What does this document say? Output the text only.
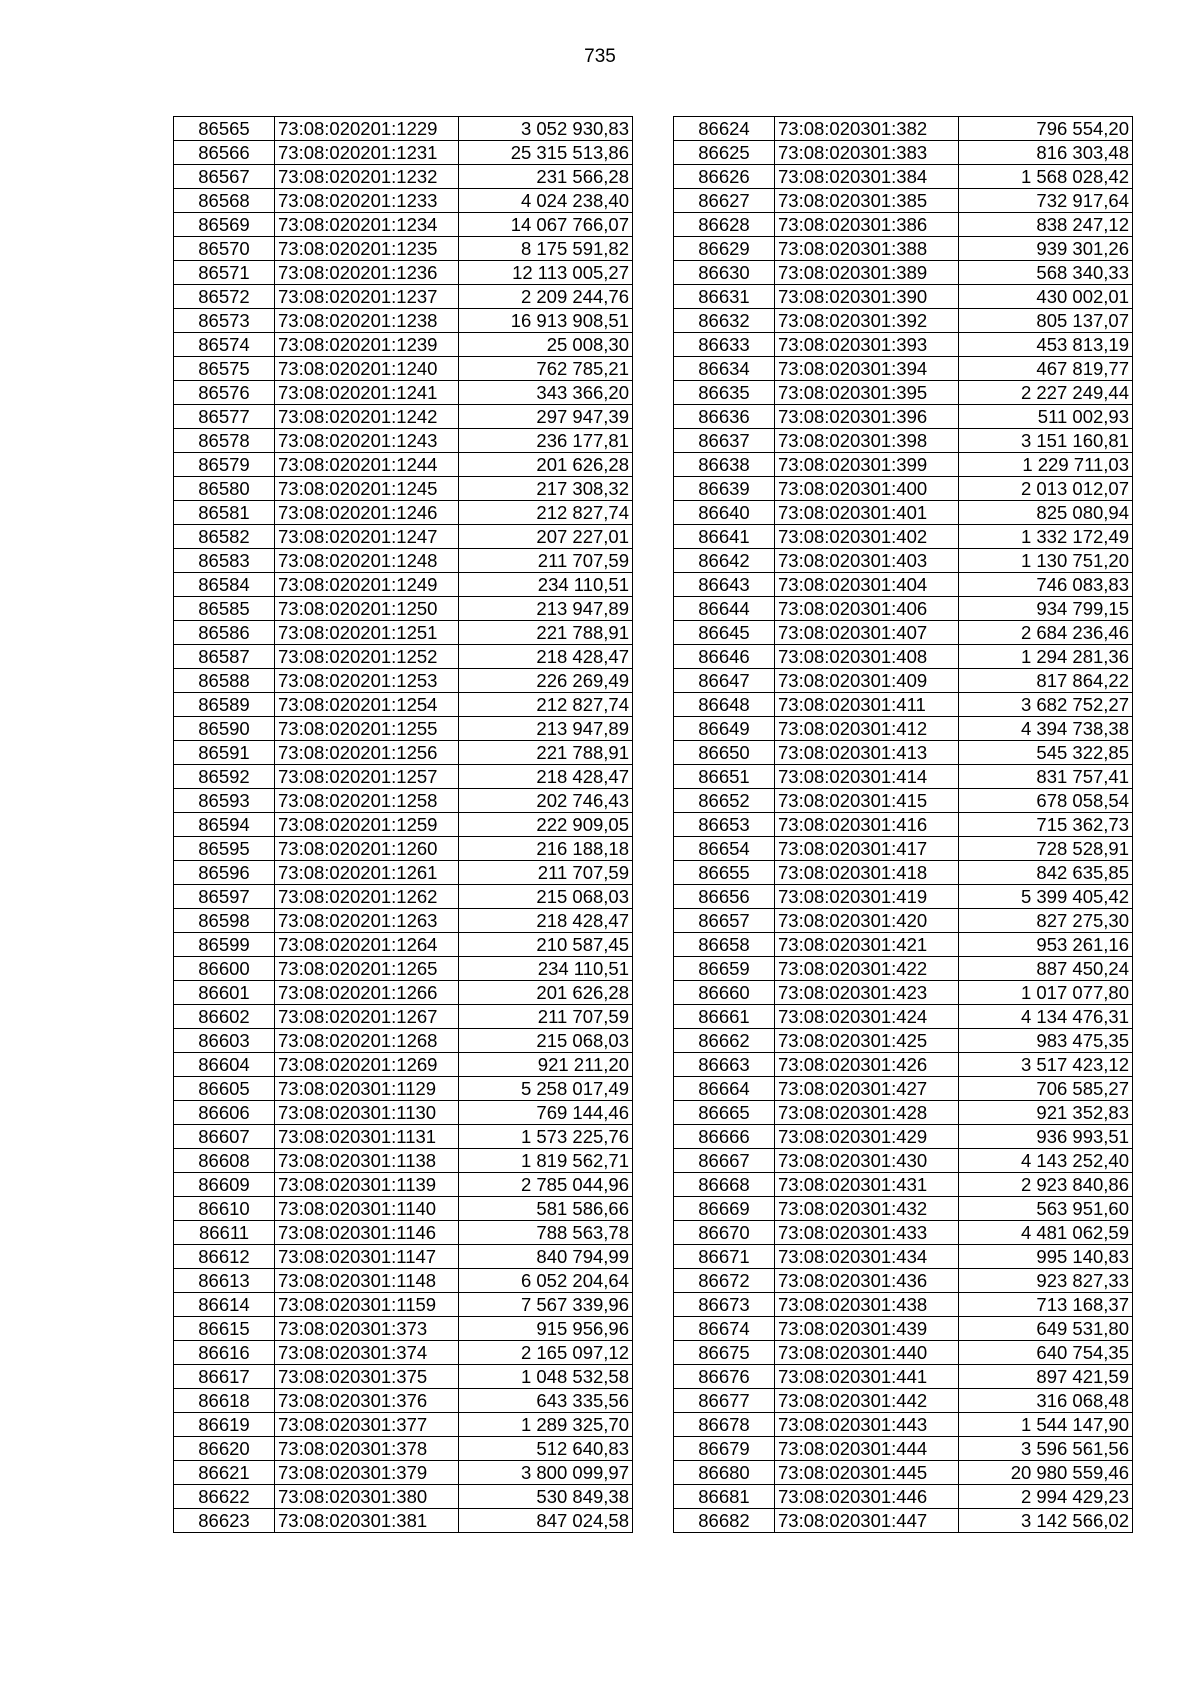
735
86565	73:08:020201:1229	3 052 930,83
86566	73:08:020201:1231	25 315 513,86
86567	73:08:020201:1232	231 566,28
86568	73:08:020201:1233	4 024 238,40
86569	73:08:020201:1234	14 067 766,07
86570	73:08:020201:1235	8 175 591,82
86571	73:08:020201:1236	12 113 005,27
86572	73:08:020201:1237	2 209 244,76
86573	73:08:020201:1238	16 913 908,51
86574	73:08:020201:1239	25 008,30
86575	73:08:020201:1240	762 785,21
86576	73:08:020201:1241	343 366,20
86577	73:08:020201:1242	297 947,39
86578	73:08:020201:1243	236 177,81
86579	73:08:020201:1244	201 626,28
86580	73:08:020201:1245	217 308,32
86581	73:08:020201:1246	212 827,74
86582	73:08:020201:1247	207 227,01
86583	73:08:020201:1248	211 707,59
86584	73:08:020201:1249	234 110,51
86585	73:08:020201:1250	213 947,89
86586	73:08:020201:1251	221 788,91
86587	73:08:020201:1252	218 428,47
86588	73:08:020201:1253	226 269,49
86589	73:08:020201:1254	212 827,74
86590	73:08:020201:1255	213 947,89
86591	73:08:020201:1256	221 788,91
86592	73:08:020201:1257	218 428,47
86593	73:08:020201:1258	202 746,43
86594	73:08:020201:1259	222 909,05
86595	73:08:020201:1260	216 188,18
86596	73:08:020201:1261	211 707,59
86597	73:08:020201:1262	215 068,03
86598	73:08:020201:1263	218 428,47
86599	73:08:020201:1264	210 587,45
86600	73:08:020201:1265	234 110,51
86601	73:08:020201:1266	201 626,28
86602	73:08:020201:1267	211 707,59
86603	73:08:020201:1268	215 068,03
86604	73:08:020201:1269	921 211,20
86605	73:08:020301:1129	5 258 017,49
86606	73:08:020301:1130	769 144,46
86607	73:08:020301:1131	1 573 225,76
86608	73:08:020301:1138	1 819 562,71
86609	73:08:020301:1139	2 785 044,96
86610	73:08:020301:1140	581 586,66
86611	73:08:020301:1146	788 563,78
86612	73:08:020301:1147	840 794,99
86613	73:08:020301:1148	6 052 204,64
86614	73:08:020301:1159	7 567 339,96
86615	73:08:020301:373	915 956,96
86616	73:08:020301:374	2 165 097,12
86617	73:08:020301:375	1 048 532,58
86618	73:08:020301:376	643 335,56
86619	73:08:020301:377	1 289 325,70
86620	73:08:020301:378	512 640,83
86621	73:08:020301:379	3 800 099,97
86622	73:08:020301:380	530 849,38
86623	73:08:020301:381	847 024,58
86624	73:08:020301:382	796 554,20
86625	73:08:020301:383	816 303,48
86626	73:08:020301:384	1 568 028,42
86627	73:08:020301:385	732 917,64
86628	73:08:020301:386	838 247,12
86629	73:08:020301:388	939 301,26
86630	73:08:020301:389	568 340,33
86631	73:08:020301:390	430 002,01
86632	73:08:020301:392	805 137,07
86633	73:08:020301:393	453 813,19
86634	73:08:020301:394	467 819,77
86635	73:08:020301:395	2 227 249,44
86636	73:08:020301:396	511 002,93
86637	73:08:020301:398	3 151 160,81
86638	73:08:020301:399	1 229 711,03
86639	73:08:020301:400	2 013 012,07
86640	73:08:020301:401	825 080,94
86641	73:08:020301:402	1 332 172,49
86642	73:08:020301:403	1 130 751,20
86643	73:08:020301:404	746 083,83
86644	73:08:020301:406	934 799,15
86645	73:08:020301:407	2 684 236,46
86646	73:08:020301:408	1 294 281,36
86647	73:08:020301:409	817 864,22
86648	73:08:020301:411	3 682 752,27
86649	73:08:020301:412	4 394 738,38
86650	73:08:020301:413	545 322,85
86651	73:08:020301:414	831 757,41
86652	73:08:020301:415	678 058,54
86653	73:08:020301:416	715 362,73
86654	73:08:020301:417	728 528,91
86655	73:08:020301:418	842 635,85
86656	73:08:020301:419	5 399 405,42
86657	73:08:020301:420	827 275,30
86658	73:08:020301:421	953 261,16
86659	73:08:020301:422	887 450,24
86660	73:08:020301:423	1 017 077,80
86661	73:08:020301:424	4 134 476,31
86662	73:08:020301:425	983 475,35
86663	73:08:020301:426	3 517 423,12
86664	73:08:020301:427	706 585,27
86665	73:08:020301:428	921 352,83
86666	73:08:020301:429	936 993,51
86667	73:08:020301:430	4 143 252,40
86668	73:08:020301:431	2 923 840,86
86669	73:08:020301:432	563 951,60
86670	73:08:020301:433	4 481 062,59
86671	73:08:020301:434	995 140,83
86672	73:08:020301:436	923 827,33
86673	73:08:020301:438	713 168,37
86674	73:08:020301:439	649 531,80
86675	73:08:020301:440	640 754,35
86676	73:08:020301:441	897 421,59
86677	73:08:020301:442	316 068,48
86678	73:08:020301:443	1 544 147,90
86679	73:08:020301:444	3 596 561,56
86680	73:08:020301:445	20 980 559,46
86681	73:08:020301:446	2 994 429,23
86682	73:08:020301:447	3 142 566,02
